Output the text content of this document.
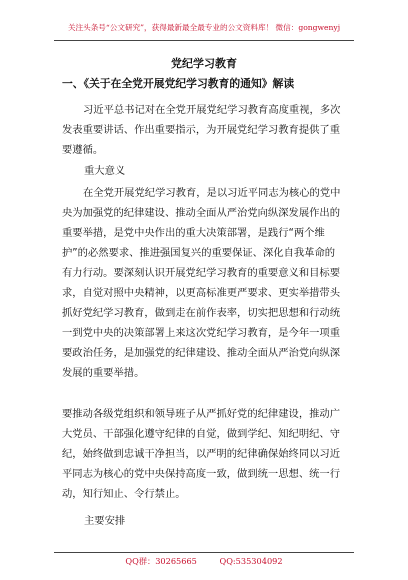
关注头条号“公文研究”，获得最新最全最专业的公文资料库！ 微信：gongwenyj
党纪学习教育
一、《关于在全党开展党纪学习教育的通知》解读

习近平总书记对在全党开展党纪学习教育高度重视，多次发表重要讲话、作出重要指示，为开展党纪学习教育提供了重要遵循。

重大意义

在全党开展党纪学习教育，是以习近平同志为核心的党中央为加强党的纪律建设、推动全面从严治党向纵深发展作出的重要举措，是党中央作出的重大决策部署，是践行“两个维护”的必然要求、推进强国复兴的重要保证、深化自我革命的有力行动。要深刻认识开展党纪学习教育的重要意义和目标要求，自觉对照中央精神，以更高标准更严要求、更实举措带头抓好党纪学习教育，做到走在前作表率，切实把思想和行动统一到党中央的决策部署上来这次党纪学习教育，是今年一项重要政治任务，是加强党的纪律建设、推动全面从严治党向纵深发展的重要举措。

要推动各级党组织和领导班子从严抓好党的纪律建设，推动广大党员、干部强化遵守纪律的自觉，做到学纪、知纪明纪、守纪，始终做到忠诚干净担当，以严明的纪律确保始终同以习近平同志为核心的党中央保持高度一致，做到统一思想、统一行动，知行知止、令行禁止。

主要安排
QQ群：30265665	QQ:535304092
